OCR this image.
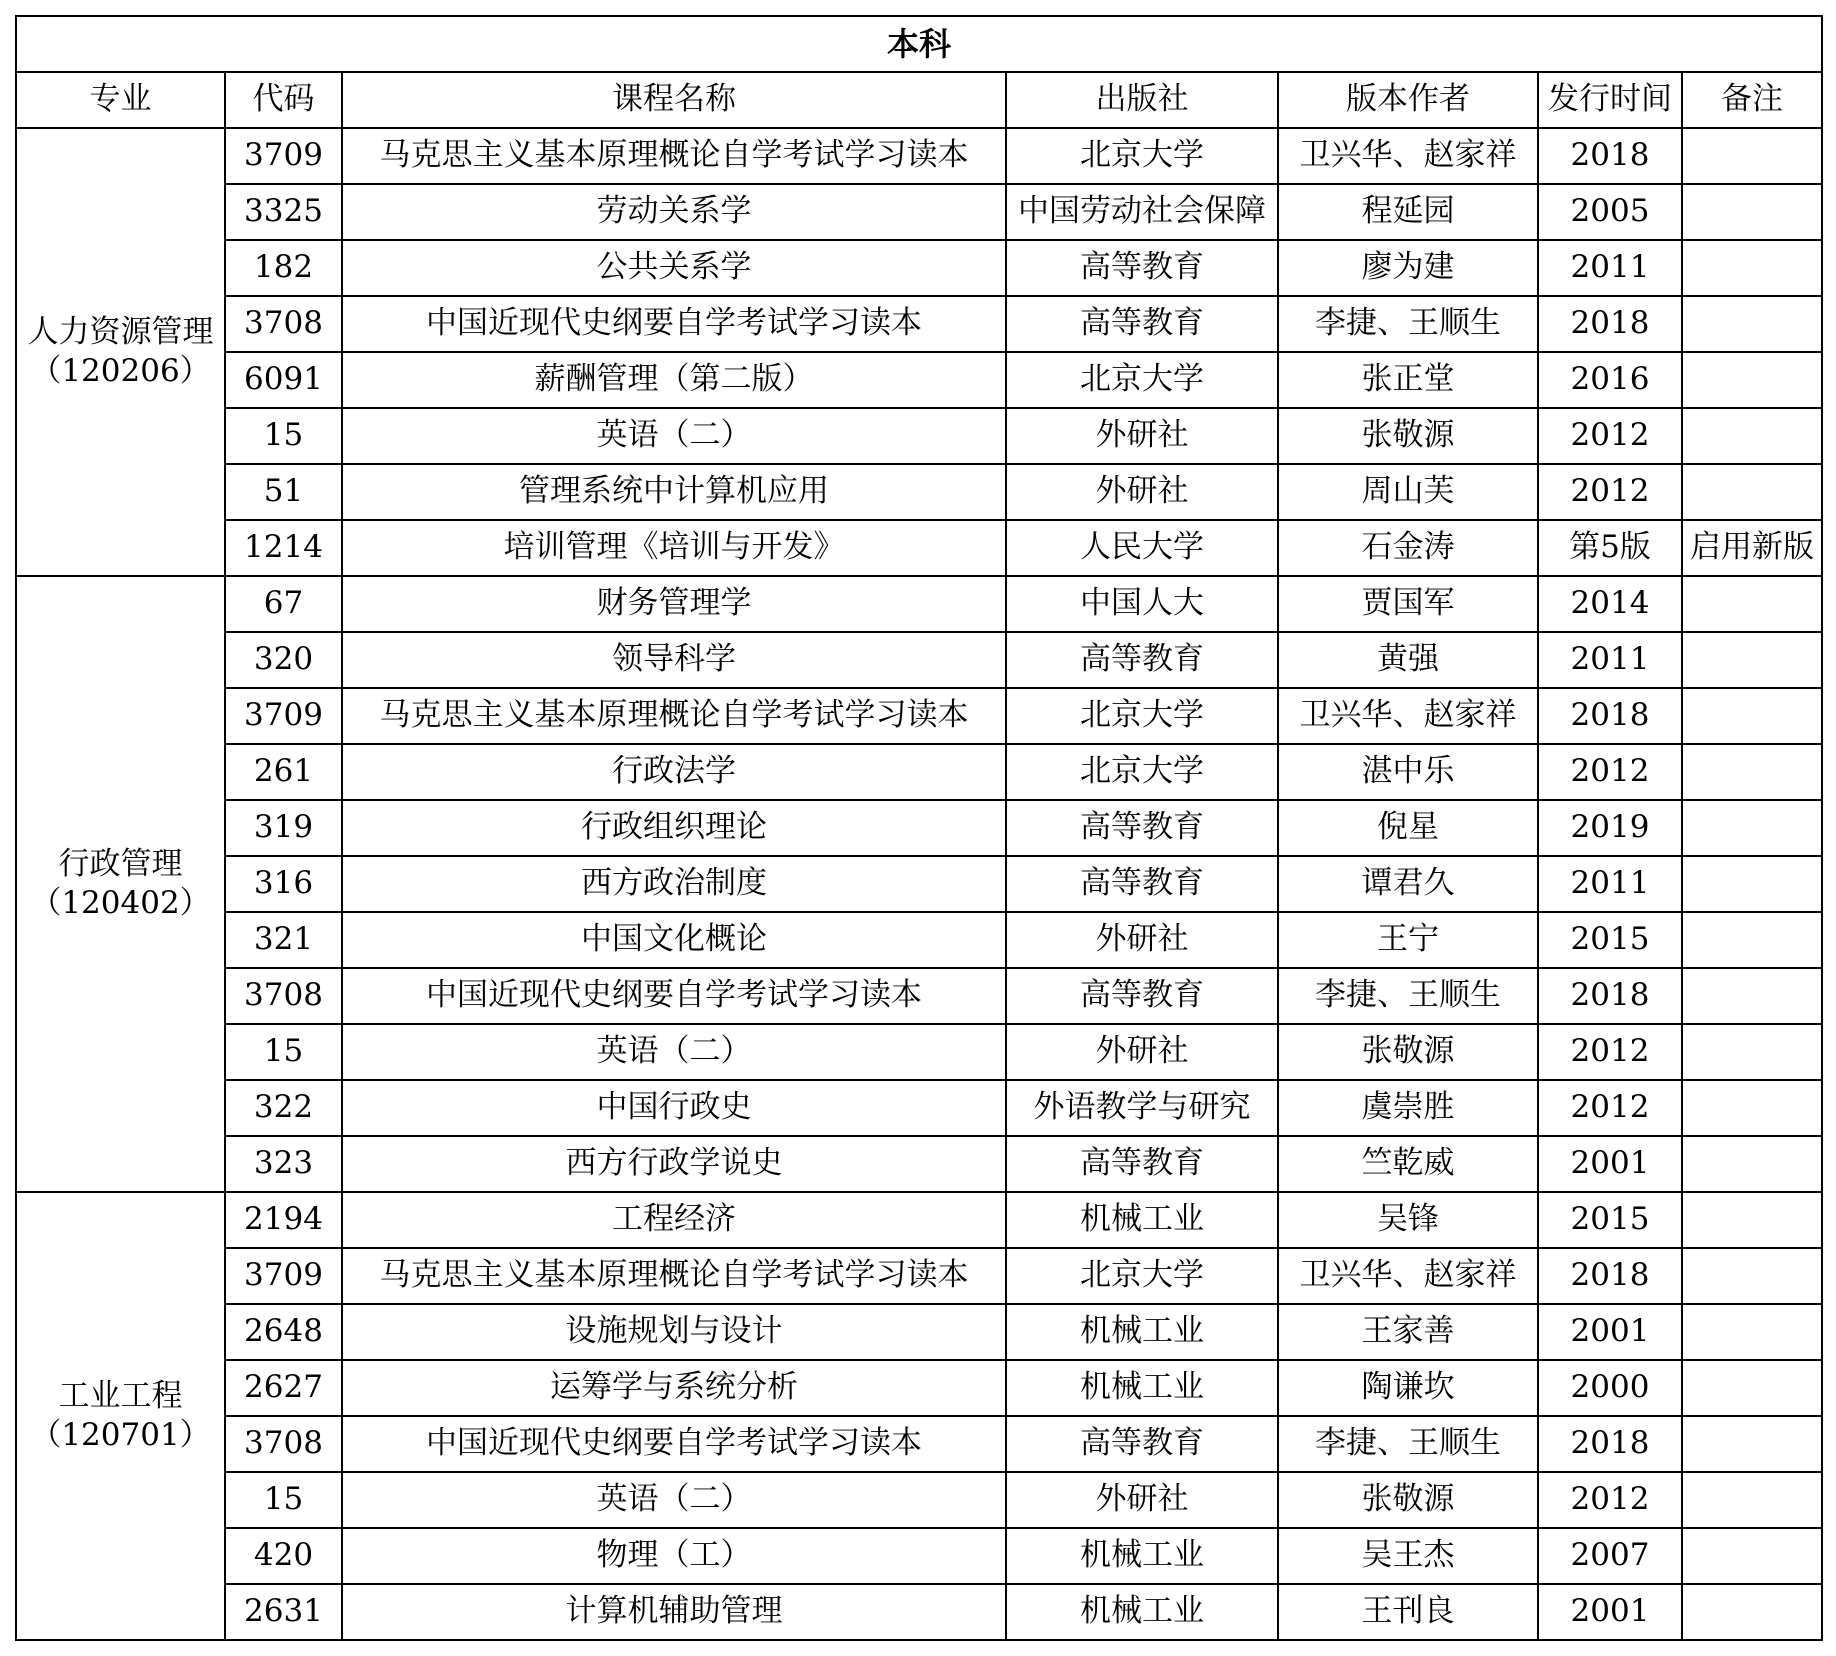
本科						
专业	代码	课程名称	出版社	版本作者	发行时间	备注

人力资源管理
（120206）	3709	马克思主义基本原理概论自学考试学习读本	北京大学	卫兴华、赵家祥	2018	
	3325	劳动关系学	中国劳动社会保障	程延园	2005	
	182	公共关系学	高等教育	廖为建	2011	
	3708	中国近现代史纲要自学考试学习读本	高等教育	李捷、王顺生	2018	
	6091	薪酬管理（第二版）	北京大学	张正堂	2016	
	15	英语（二）	外研社	张敬源	2012	
	51	管理系统中计算机应用	外研社	周山芙	2012	
	1214	培训管理《培训与开发》	人民大学	石金涛	第5版	启用新版

行政管理
（120402）	67	财务管理学	中国人大	贾国军	2014	
	320	领导科学	高等教育	黄强	2011	
	3709	马克思主义基本原理概论自学考试学习读本	北京大学	卫兴华、赵家祥	2018	
	261	行政法学	北京大学	湛中乐	2012	
	319	行政组织理论	高等教育	倪星	2019	
	316	西方政治制度	高等教育	谭君久	2011	
	321	中国文化概论	外研社	王宁	2015	
	3708	中国近现代史纲要自学考试学习读本	高等教育	李捷、王顺生	2018	
	15	英语（二）	外研社	张敬源	2012	
	322	中国行政史	外语教学与研究	虞崇胜	2012	
	323	西方行政学说史	高等教育	竺乾威	2001	

工业工程
（120701）	2194	工程经济	机械工业	吴锋	2015	
	3709	马克思主义基本原理概论自学考试学习读本	北京大学	卫兴华、赵家祥	2018	
	2648	设施规划与设计	机械工业	王家善	2001	
	2627	运筹学与系统分析	机械工业	陶谦坎	2000	
	3708	中国近现代史纲要自学考试学习读本	高等教育	李捷、王顺生	2018	
	15	英语（二）	外研社	张敬源	2012	
	420	物理（工）	机械工业	吴王杰	2007	
	2631	计算机辅助管理	机械工业	王刊良	2001	
